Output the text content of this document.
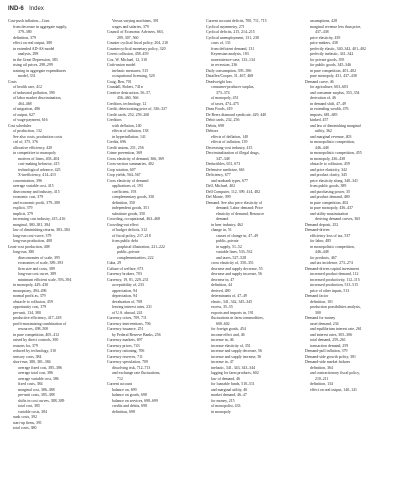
IND-6 Index
Cost-push inflation—Cont.
from decrease in aggregate supply,
379–380
definition, 379
effect on real output, 380
in extended AD-AS model
analysis, 298
in the Great Depression, 383
rising oil prices, 298–299
training in aggregate expenditures
model, 331
Costs
of health care, 412
of industrial pollution, 390
of labor market discrimination,
464–468
of migration, 486
of output, 627
of wage payment, 616
Cost schedules
of production, 132
See also costs, production costs
ctrl of, 375, 376
allocative efficiency, 420
in competitive to monopoly
motives of firms, 403–404
cost-making behavior, 415
technological advance, 425
X-inefficiency, 414–415
concentration, 396
average variable cost, 415
diseconomy and industry, 415
economic cost, 379
and economic profit, 379–380
explicit, 379
implicit, 379
increasing cost industry, 415–416
marginal, 380–381, 384
law of diminishing returns, 383–384
long-run cost-curve, 379
long-run production, 408
Least-cost production, 408
long-run, 380
diseconomies of scale, 395
economies of scale, 389–393
firm size and costs, 389
long-run cost curve, 389
minimum efficient scale, 393–394
in monopoly, 429–430
monopsony, 494–496
normal profit as, 379
obstacle to collusion, 459
opportunity cost, 379
per-unit, 134, 380
productive efficiency, 417–418
profit-maximizing combination of
resources, 498–500
in pure competition, 405–412
raised by direct controls, 390
reasons for, 379
reduced by technology, 310
sensory costs, 384
short-run, 380, 381–384
average fixed cost, 385–386
average total cost, 386
average variable cost, 386
fixed costs, 384
marginal cost, 386–388
per-unit costs, 385–388
shifts in cost curves, 388–389
total cost, 385
variable costs, 384
sunk costs, 392
start-up firms, 391
total costs, 380
Versus varying machines, 391
wages and salaries, 379
Council of Economic Advisers, 663,
209, 307, 560
Counter cyclical fiscal policy, 204, 210
Countercyclical monetary policy, 320
Covert collusion, 458–459
Cox, W. Michael, 12, 310
Crab-union model
inelastic measures, 515
occupational licensing, 520
Craig, Ben, 701
Crandall, Robert, 741n
Creative destruction, 56–57,
456–460, 566
Creditors, technology, 12
Credit, deteriorating price of, 336–337
Credit cards, 252, 259–260
Creditors
with deflation, 140
effects of inflation, 138
in hyperinflation, 141
Credits, 696
Credit unions, 251, 256
Crime prevention, 369
Cross elasticity of demand, 366, 369
Cross-section summaries, 402
Crop rotation, 607
Crop yields, 564–567
Cross elasticity of demand
applications of, 193
coefficient, 193
complementary goods, 350
definition, 350
independent goods, 351
substitute goods, 350
Crowding, occupational, 463–468
Crowding-out effect
of budget deficits, 312
of fiscal policy, 217–218
from public debt
graphical illustration, 221–222
public–private
complementarities, 222
Cuba, 29
Culture of welfare, 673
Currency brokers, 703
Currency, 19, 81, 229–231
acceptability of, 233
appreciation, 94
depreciation, 94
devaluation of, 708
leaving interest rates, 231
of U.S. abroad, 241
Currency crises, 709, 711
Currency interventions, 706
Currency issuance, 251
by Federal Reserve Banks, 256
Currency markets, 697
Currency prices, 743
Currency rationing, 706
Currency reserves, 711
Currency speculation, 709
dissolving risk, 712–713
and exchange rate fluctuations,
712
Current account
balance on, 699
balance on goods, 698
balance on services, 698–699
credits and debits, 698
definition, 698
Current account deficits, 700, 711, 715
Cyclical asymmetry, 271
Cyclical deficits, 215, 214–215
Cyclical unemployment, 131, 238
costs of, 131
from deficient demand, 131
Keynesian analysis, 183
nonexistence-case, 133–134
in recession, 236
Daily consumption, 395–396
Dataflex/Cooper, 31, 467, 468
Deadweight loss
consumer-producer surplus,
373–374
of monopoly, 451
of taxes, 474–475
Dean Foods, 419
De Beers diamond syndicate, 429, 440
Debit cards, 232, 256
Debits, 698
Debtors
effects of deflation, 140
effects of inflation, 139
Decreasing-cost industry, 415
Decriminalization of illegal drugs,
347–348
Deductibles, 651, 673
Defensive medicine, 661
Deficiency, 677
and nonbank types, 677
Dell, Michael, 402
Dell Computer, 112, 399, 414, 482
Del Monte, 399
Demand. See also price elasticity of
demand; Labor demand; Price
elasticity of demand; Resource
demand
in beer industry, 462
change in, 51
causes of change in, 47–49
public–private
in supply, 51–52
variable lines, 533–532
and taxes, 527–528
cross elasticity of, 350–351
decrease and supply decrease, 55
decrease and supply increase, 56
decrease in, 47
definition, 44
derived, 480
determinants of, 47–49
elastic, 341, 342, 345–345
excess, 35–55
exports and imports in, 191
fluctuations in farm commodities,
600–602
for foreign goods, 454
income effect and, 46
increase in, 46
increase elasticity of, 351
increase and supply decrease, 56
increase and supply increase, 56
increase in, 47
inelastic, 341, 343, 343–344
lagging for farm products, 602
law of demand, 46
for loanable funds, 510–511
and marginal utility, 46
market demand, 46–47
for money, 215
of monopolist, 433
in monopoly
assumptions, 428
marginal revenue less than price,
437–438
price elasticity, 439
price makers, 438
perfectly elastic, 340–342, 401–402
perfectly inelastic, 341–342
for private goods, 395
for public goods, 345–346
in pure competition, 401–402
pure monopoly, 431, 437–438
Demand curve, 46
for agriculture, 603–603
and consumer surplus, 353, 354
derivation of, 46
in demand shift, 47–49
in extending wealth, 476
imports, 681–685
kinked, 457
and law of diminishing marginal
utility, 362
and marginal revenue, 403
in monopolistic competition,
446–448
in monopolistic competition, 455
in monopoly, 436–438
obstacle to collusion, 459
and price elasticity, 342
and product clarity, 345
price elasticity along, 340–341
from public goods, 389
and purchasing power, 35
and product demand, 480
in pure competition, 402
in pure monopoly, 436–437
and utility maximization
deriving demand curves, 365
Demand deposit, 252
Demand-driven
efficiency loss of tax, 537
for labor, 485
in monopolistic competition,
446–448
for products, 467
and tax incidence, 273–274
Demand-driven capital investment
increased product demand, 112
increased productivity, 112–115
increased production, 513–515
price of other inputs, 513
Demand factor
definition, 101
production possibilities analysis,
300
Demand for money
asset demand, 234
and equilibrium interest rate, 261
and interest rates, 305–306
total demand, 259–261
transaction demand, 259
Demand-pull inflation, 379
Demand-side growth policy, 381
Demand-side market failures
definition, 364
and contractionary fiscal policy,
210–211
definition, 134
effect on real output, 140–141
